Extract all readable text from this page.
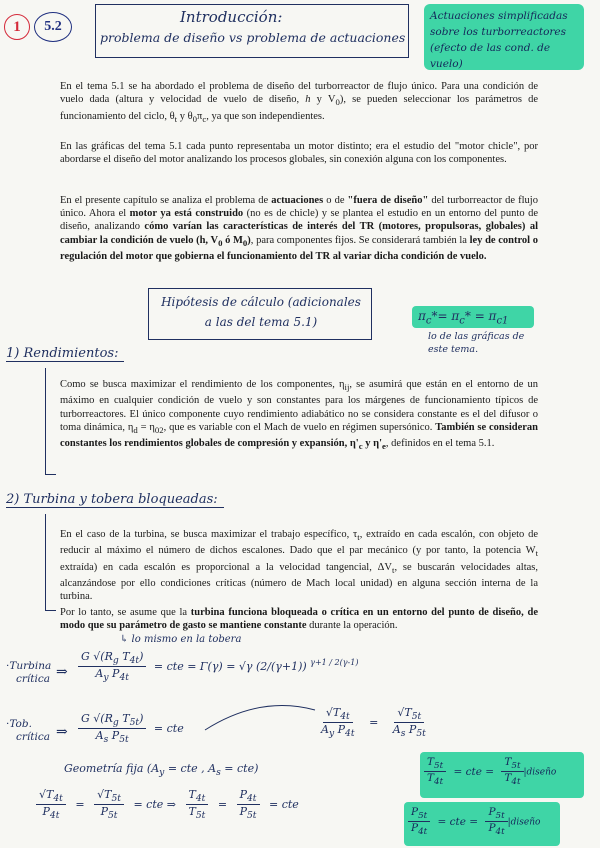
1 5.2
Introducción:
problema de diseño vs problema de actuaciones
Actuaciones simplificadas sobre los turborreactores (efecto de las cond. de vuelo)
En el tema 5.1 se ha abordado el problema de diseño del turborreactor de flujo único. Para una condición de vuelo dada (altura y velocidad de vuelo de diseño, h y $V_0$), se pueden seleccionar los parámetros de funcionamiento del ciclo, $\theta_t$ y $\theta_0\pi_c$, ya que son independientes.
En las gráficas del tema 5.1 cada punto representaba un motor distinto; era el estudio del "motor chicle", por abordarse el diseño del motor analizando los procesos globales, sin conexión alguna con los componentes.
En el presente capítulo se analiza el problema de actuaciones o de "fuera de diseño" del turborreactor de flujo único. Ahora el motor ya está construido (no es de chicle) y se plantea el estudio en un entorno del punto de diseño, analizando cómo varían las características de interés del TR (motores, propulsoras, globales) al cambiar la condición de vuelo (h, $V_0$ ó $M_0$), para componentes fijos. Se considerará también la ley de control o regulación del motor que gobierna el funcionamiento del TR al variar dicha condición de vuelo.
Hipótesis de cálculo (adicionales a las del tema 5.1)	$\pi_c*= \pi_c* = \pi_{c1}$
lo de las gráficas de este tema.
1) Rendimientos:
Como se busca maximizar el rendimiento de los componentes, $\eta_{ij}$, se asumirá que están en el entorno de un máximo en cualquier condición de vuelo y son constantes para los márgenes de funcionamiento típicos de turborreactores. El único componente cuyo rendimiento adiabático no se considera constante es el del difusor o toma dinámica, $\eta_d = \eta_{02}$, que es variable con el Mach de vuelo en régimen supersónico. También se consideran constantes los rendimientos globales de compresión y expansión, $\eta'_c$ y $\eta'_e$, definidos en el tema 5.1.
2) Turbina y tobera bloqueadas:
En el caso de la turbina, se busca maximizar el trabajo específico, $\tau_t$, extraído en cada escalón, con objeto de reducir al máximo el número de dichos escalones. Dado que el par mecánico (y por tanto, la potencia $W_t$ extraída) en cada escalón es proporcional a la velocidad tangencial, $\Delta V_t$, se buscarán velocidades altas, alcanzándose por ello condiciones críticas (número de Mach local unidad) en alguna sección interna de la turbina.
Por lo tanto, se asume que la turbina funciona bloqueada o crítica en un entorno del punto de diseño, de modo que su parámetro de gasto se mantiene constante durante la operación.
↳ lo mismo en la tobera
·Turbina
crítica ⇒ $\frac{G √(R_g T_{4t})}{A_y P_{4t}}$ = cte = Γ(γ) = √γ (2/(γ+1)) $^{\gamma+1 / 2(\gamma-1)}$
·Tob.
crítica ⇒ $\frac{G √(R_g T_{5t})}{A_s P_{5t}}$ = cte	$\frac{√T_{4t}}{A_y P_{4t}} = \frac{√T_{5t}}{A_s P_{5t}}$
Geometría fija ($A_y$ = cte , $A_s = cte$)
$\frac{√T_{4t}}{P_{4t}} = \frac{√T_{5t}}{P_{5t}}$ = cte ⇒ $\frac{T_{4t}}{T_{5t}} = \frac{P_{4t}}{P_{5t}}$ = cte
$\frac{T_{5t}}{T_{4t}}$ = cte = $\frac{T_{5t}}{T_{4t}}$ |diseño
$\frac{P_{5t}}{P_{4t}}$ = cte = $\frac{P_{5t}}{P_{4t}}$ |diseño
